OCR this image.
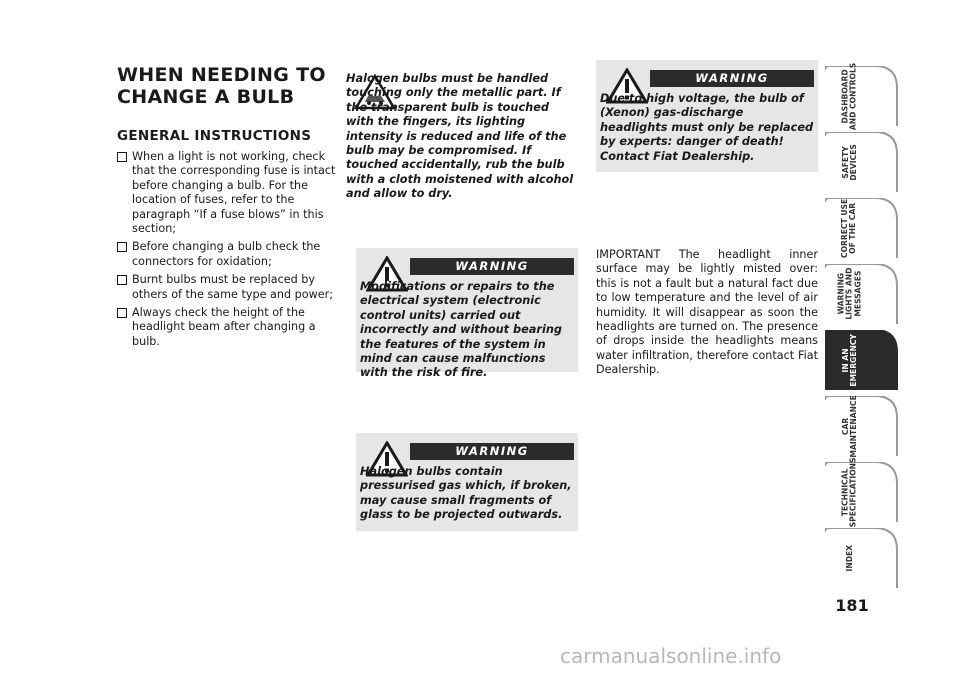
WHEN NEEDING TO CHANGE A BULB
GENERAL INSTRUCTIONS
When a light is not working, check that the corresponding fuse is intact before changing a bulb. For the location of fuses, refer to the paragraph “If a fuse blows” in this section;
Before changing a bulb check the connectors for oxidation;
Burnt bulbs must be replaced by others of the same type and power;
Always check the height of the headlight beam after changing a bulb.

Halogen bulbs must be handled touching only the metallic part. If the transparent bulb is touched with the fingers, its lighting intensity is reduced and life of the bulb may be compromised. If touched accidentally, rub the bulb with a cloth moistened with alcohol and allow to dry.

WARNING

Modifications or repairs to the electrical system (electronic control units) carried out incorrectly and without bearing the features of the system in mind can cause malfunctions with the risk of fire.

WARNING

Halogen bulbs contain pressurised gas which, if broken, may cause small fragments of glass to be projected outwards.

WARNING

Due to high voltage, the bulb of (Xenon) gas-discharge headlights must only be replaced by experts: danger of death! Contact Fiat Dealership.

IMPORTANT The headlight inner surface may be lightly misted over: this is not a fault but a natural fact due to low temperature and the level of air humidity. It will disappear as soon the headlights are turned on. The presence of drops inside the headlights means water infiltration, therefore contact Fiat Dealership.

DASHBOARD
AND CONTROLS
SAFETY
DEVICES
CORRECT USE
OF THE CAR
WARNING
LIGHTS AND
MESSAGES
IN AN
EMERGENCY
CAR
MAINTENANCE
TECHNICAL
SPECIFICATIONS
INDEX

181

carmanualsonline.info
